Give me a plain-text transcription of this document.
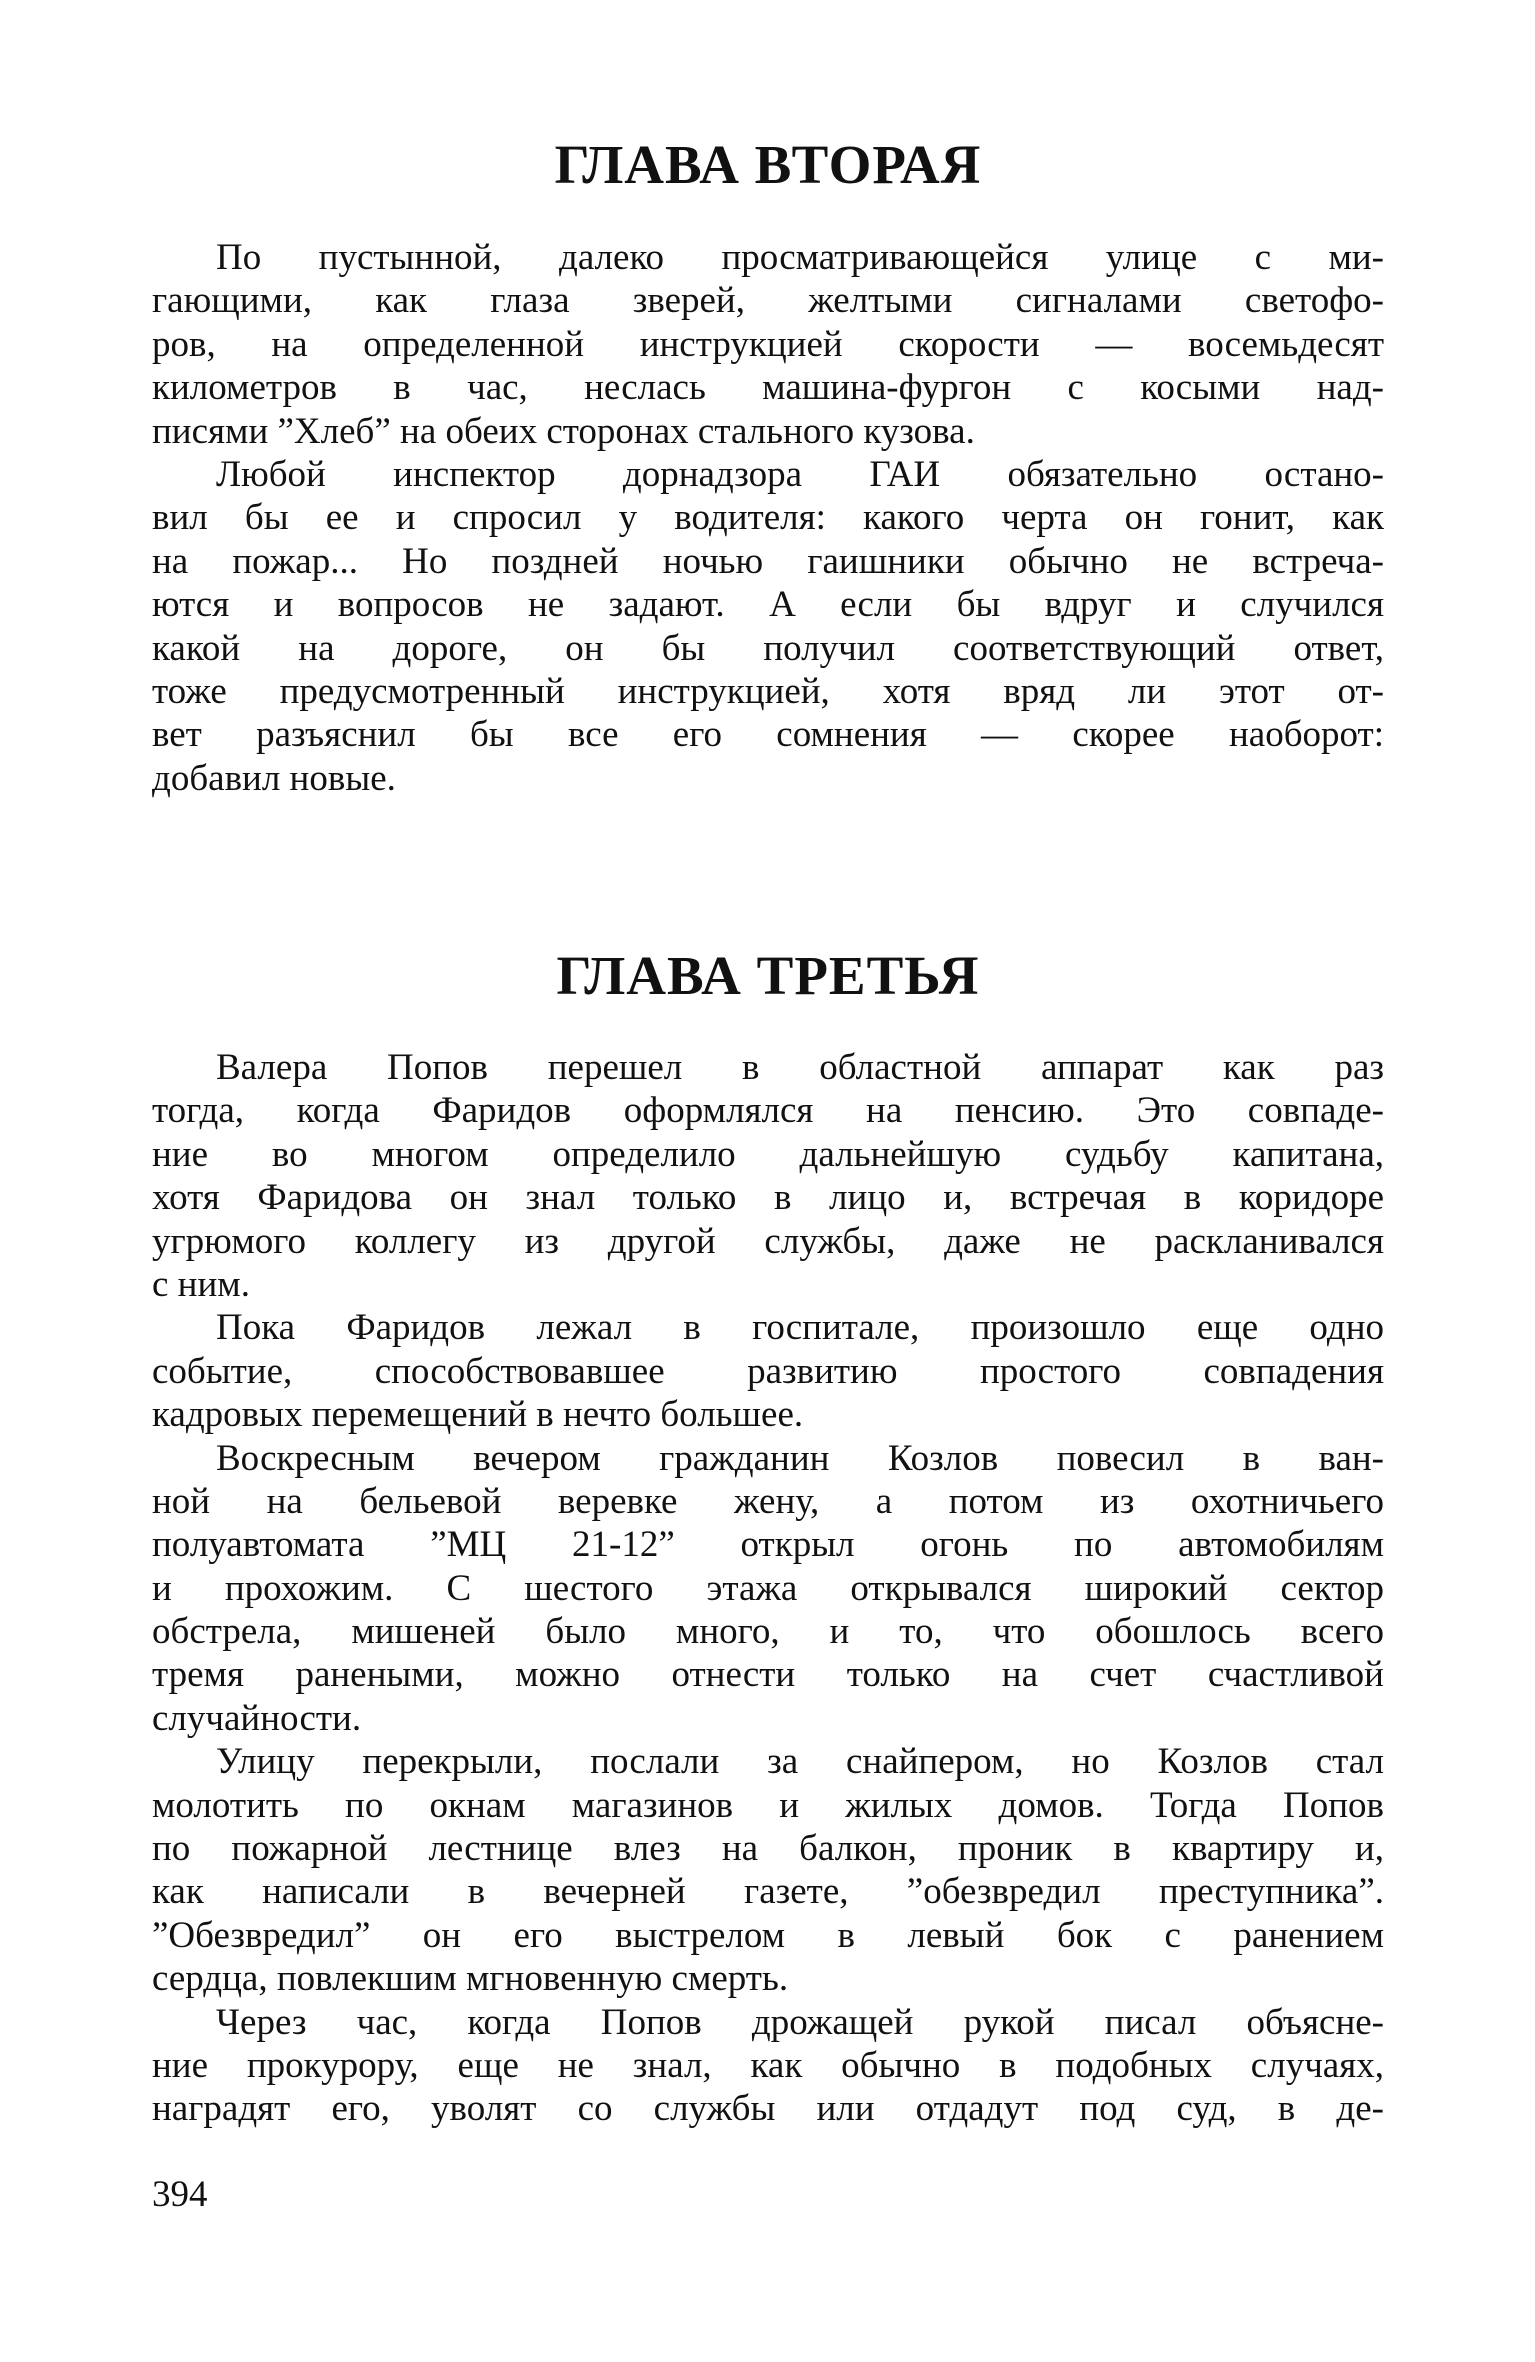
ГЛАВА ВТОРАЯ
По пустынной, далеко просматривающейся улице с ми-
гающими, как глаза зверей, желтыми сигналами светофо-
ров, на определенной инструкцией скорости — восемьдесят
километров в час, неслась машина-фургон с косыми над-
писями ”Хлеб” на обеих сторонах стального кузова.
Любой инспектор дорнадзора ГАИ обязательно остано-
вил бы ее и спросил у водителя: какого черта он гонит, как
на пожар... Но поздней ночью гаишники обычно не встреча-
ются и вопросов не задают. А если бы вдруг и случился
какой на дороге, он бы получил соответствующий ответ,
тоже предусмотренный инструкцией, хотя вряд ли этот от-
вет разъяснил бы все его сомнения — скорее наоборот:
добавил новые.
ГЛАВА ТРЕТЬЯ
Валера Попов перешел в областной аппарат как раз
тогда, когда Фаридов оформлялся на пенсию. Это совпаде-
ние во многом определило дальнейшую судьбу капитана,
хотя Фаридова он знал только в лицо и, встречая в коридоре
угрюмого коллегу из другой службы, даже не раскланивался
с ним.
Пока Фаридов лежал в госпитале, произошло еще одно
событие, способствовавшее развитию простого совпадения
кадровых перемещений в нечто большее.
Воскресным вечером гражданин Козлов повесил в ван-
ной на бельевой веревке жену, а потом из охотничьего
полуавтомата ”МЦ 21-12” открыл огонь по автомобилям
и прохожим. С шестого этажа открывался широкий сектор
обстрела, мишеней было много, и то, что обошлось всего
тремя ранеными, можно отнести только на счет счастливой
случайности.
Улицу перекрыли, послали за снайпером, но Козлов стал
молотить по окнам магазинов и жилых домов. Тогда Попов
по пожарной лестнице влез на балкон, проник в квартиру и,
как написали в вечерней газете, ”обезвредил преступника”.
”Обезвредил” он его выстрелом в левый бок с ранением
сердца, повлекшим мгновенную смерть.
Через час, когда Попов дрожащей рукой писал объясне-
ние прокурору, еще не знал, как обычно в подобных случаях,
наградят его, уволят со службы или отдадут под суд, в де-
394
